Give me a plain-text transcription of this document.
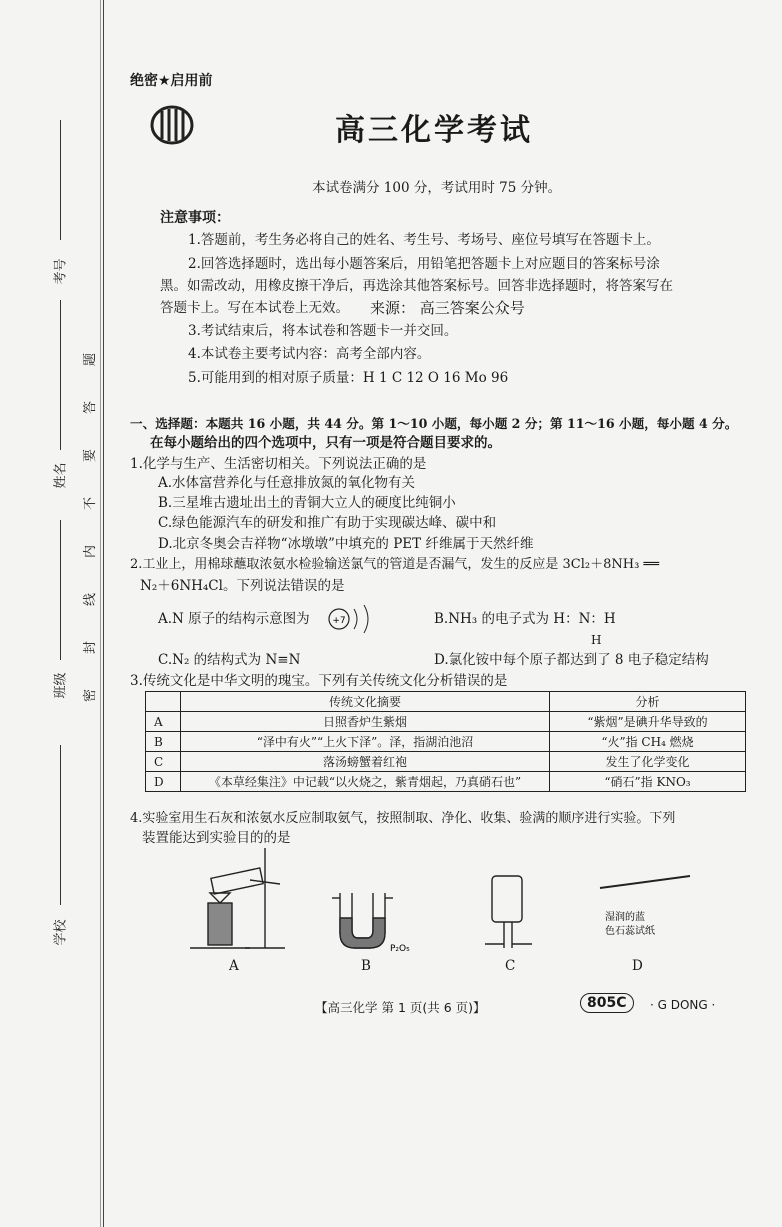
考号
姓名
班级
学校
题
答
要
不
内
线
封
密
绝密★启用前
高三化学考试
本试卷满分 100 分，考试用时 75 分钟。
注意事项：
1.答题前，考生务必将自己的姓名、考生号、考场号、座位号填写在答题卡上。
2.回答选择题时，选出每小题答案后，用铅笔把答题卡上对应题目的答案标号涂
黑。如需改动，用橡皮擦干净后，再选涂其他答案标号。回答非选择题时，将答案写在
答题卡上。写在本试卷上无效。 来源： 高三答案公众号
3.考试结束后，将本试卷和答题卡一并交回。
4.本试卷主要考试内容：高考全部内容。
5.可能用到的相对原子质量：H 1 C 12 O 16 Mo 96
一、选择题：本题共 16 小题，共 44 分。第 1～10 小题，每小题 2 分；第 11～16 小题，每小题 4 分。
在每小题给出的四个选项中，只有一项是符合题目要求的。
1.化学与生产、生活密切相关。下列说法正确的是
A.水体富营养化与任意排放氮的氧化物有关
B.三星堆古遗址出土的青铜大立人的硬度比纯铜小
C.绿色能源汽车的研发和推广有助于实现碳达峰、碳中和
D.北京冬奥会吉祥物“冰墩墩”中填充的 PET 纤维属于天然纤维
2.工业上，用棉球蘸取浓氨水检验输送氯气的管道是否漏气，发生的反应是 3Cl₂＋8NH₃ ══
N₂＋6NH₄Cl。下列说法错误的是
A.N 原子的结构示意图为	+7	B.NH₃ 的电子式为 H：N：H
H
C.N₂ 的结构式为 N≡N	D.氯化铵中每个原子都达到了 8 电子稳定结构
3.传统文化是中华文明的瑰宝。下列有关传统文化分析错误的是
	传统文化摘要	分析
A	日照香炉生紫烟	“紫烟”是碘升华导致的
B	“泽中有火”“上火下泽”。泽，指湖泊池沼	“火”指 CH₄ 燃烧
C	落汤螃蟹着红袍	发生了化学变化
D	《本草经集注》中记载“以火烧之，紫青烟起，乃真硝石也”	“硝石”指 KNO₃
4.实验室用生石灰和浓氨水反应制取氨气，按照制取、净化、收集、验满的顺序进行实验。下列
装置能达到实验目的的是
P₂O₅
湿润的蓝
色石蕊试纸
A	B	C	D
【高三化学 第 1 页(共 6 页)】	805C	· G DONG ·
